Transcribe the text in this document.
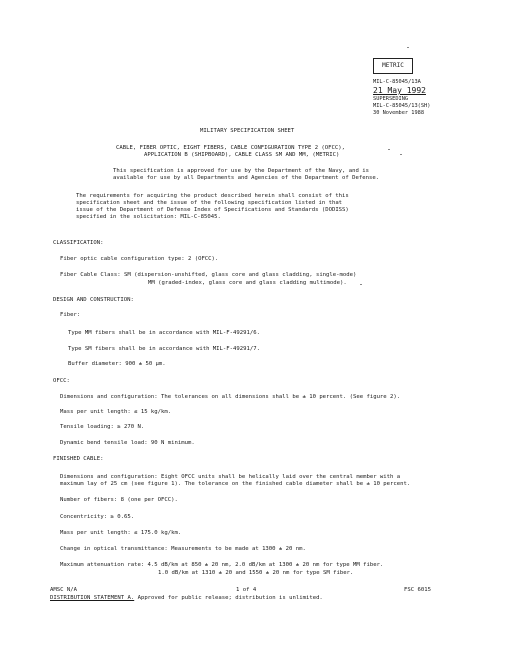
METRIC
MIL-C-85045/13A
21 May 1992
SUPERSEDING
MIL-C-85045/13(SH)
30 November 1988
MILITARY SPECIFICATION SHEET
CABLE, FIBER OPTIC, EIGHT FIBERS, CABLE CONFIGURATION TYPE 2 (OFCC),
APPLICATION B (SHIPBOARD), CABLE CLASS SM AND MM, (METRIC)
This specification is approved for use by the Department of the Navy, and is
available for use by all Departments and Agencies of the Department of Defense.
The requirements for acquiring the product described herein shall consist of this
specification sheet and the issue of the following specification listed in that
issue of the Department of Defense Index of Specifications and Standards (DODISS)
specified in the solicitation: MIL-C-85045.
CLASSIFICATION:
Fiber optic cable configuration type: 2 (OFCC).
Fiber Cable Class: SM (dispersion-unshifted, glass core and glass cladding, single-mode)
MM (graded-index, glass core and glass cladding multimode).
DESIGN AND CONSTRUCTION:
Fiber:
Type MM fibers shall be in accordance with MIL-F-49291/6.
Type SM fibers shall be in accordance with MIL-F-49291/7.
Buffer diameter: 900 ± 50 µm.
OFCC:
Dimensions and configuration: The tolerances on all dimensions shall be ± 10 percent. (See figure 2).
Mass per unit length: ≤ 15 kg/km.
Tensile loading: ≥ 270 N.
Dynamic bend tensile load: 90 N minimum.
FINISHED CABLE:
Dimensions and configuration: Eight OFCC units shall be helically laid over the central member with a
maximum lay of 25 cm (see figure 1). The tolerance on the finished cable diameter shall be ± 10 percent.
Number of fibers: 8 (one per OFCC).
Concentricity: ≥ 0.65.
Mass per unit length: ≤ 175.0 kg/km.
Change in optical transmittance: Measurements to be made at 1300 ± 20 nm.
Maximum attenuation rate: 4.5 dB/km at 850 ± 20 nm, 2.0 dB/km at 1300 ± 20 nm for type MM fiber.
1.0 dB/km at 1310 ± 20 and 1550 ± 20 nm for type SM fiber.
AMSC N/A	1 of 4	FSC 6015
DISTRIBUTION STATEMENT A. Approved for public release; distribution is unlimited.
